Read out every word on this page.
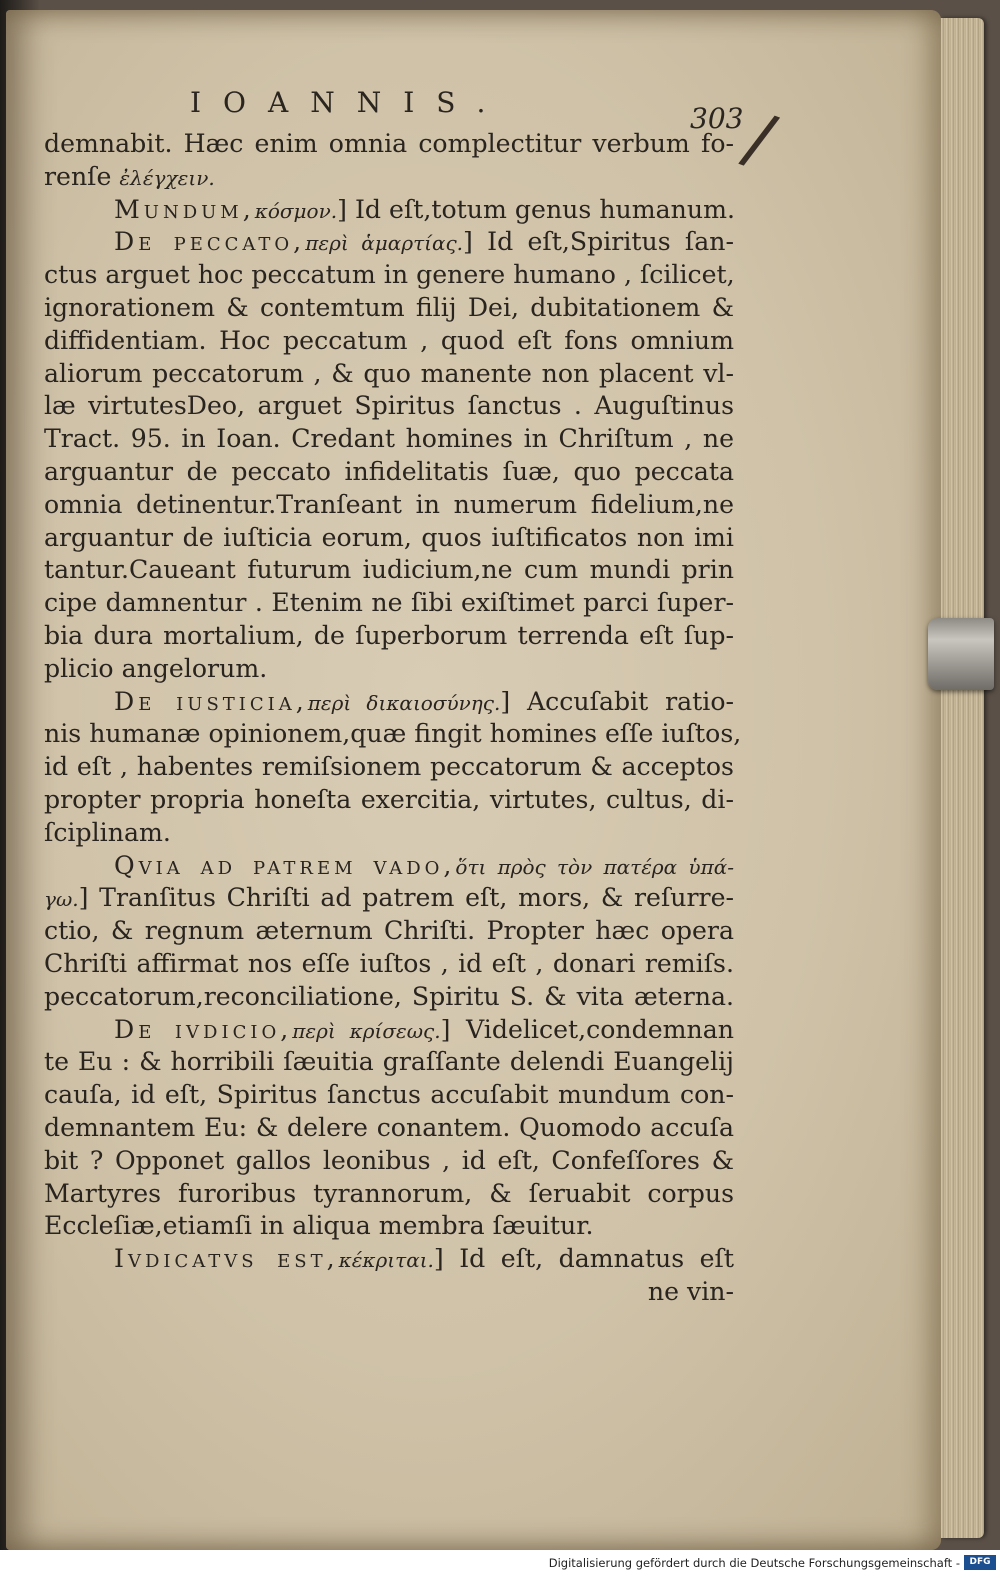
IOANNIS.	303
/
demnabit. Hæc enim omnia complectitur verbum fo-
renſe ἐλέγχειν.
Mundum,κόσμον.] Id eſt,totum genus humanum.
De peccato,περὶ ἁμαρτίας.] Id eſt,Spiritus ſan-
ctus arguet hoc peccatum in genere humano , ſcilicet,
ignorationem & contemtum filij Dei, dubitationem &
diffidentiam. Hoc peccatum , quod eſt fons omnium
aliorum peccatorum , & quo manente non placent vl-
læ virtutesDeo, arguet Spiritus ſanctus . Auguſtinus
Tract. 95. in Ioan. Credant homines in Chriſtum , ne
arguantur de peccato infidelitatis ſuæ, quo peccata
omnia detinentur.Tranſeant in numerum fidelium,ne
arguantur de iuſticia eorum, quos iuſtificatos non imi
tantur.Caueant futurum iudicium,ne cum mundi prin
cipe damnentur . Etenim ne ſibi exiſtimet parci ſuper-
bia dura mortalium, de ſuperborum terrenda eſt ſup-
plicio angelorum.
De iusticia,περὶ δικαιοσύνης.] Accuſabit ratio-
nis humanæ opinionem,quæ fingit homines eſſe iuſtos,
id eſt , habentes remiſsionem peccatorum & acceptos
propter propria honeſta exercitia, virtutes, cultus, di-
ſciplinam.
Qvia ad patrem vado,ὅτι πρὸς τὸν πατέρα ὑπά-
γω.] Tranſitus Chriſti ad patrem eſt, mors, & reſurre-
ctio, & regnum æternum Chriſti. Propter hæc opera
Chriſti affirmat nos eſſe iuſtos , id eſt , donari remiſs.
peccatorum,reconciliatione, Spiritu S. & vita æterna.
De ivdicio,περὶ κρίσεως.] Videlicet,condemnan
te Eu : & horribili ſæuitia graſſante delendi Euangelij
cauſa, id eſt, Spiritus ſanctus accuſabit mundum con-
demnantem Eu: & delere conantem. Quomodo accuſa
bit ? Opponet gallos leonibus , id eſt, Confeſſores &
Martyres furoribus tyrannorum, & ſeruabit corpus
Eccleſiæ,etiamſi in aliqua membra ſæuitur.
Ivdicatvs est,κέκριται.] Id eſt, damnatus eſt
ne vin-
Digitalisierung gefördert durch die Deutsche Forschungsgemeinschaft -	DFG
